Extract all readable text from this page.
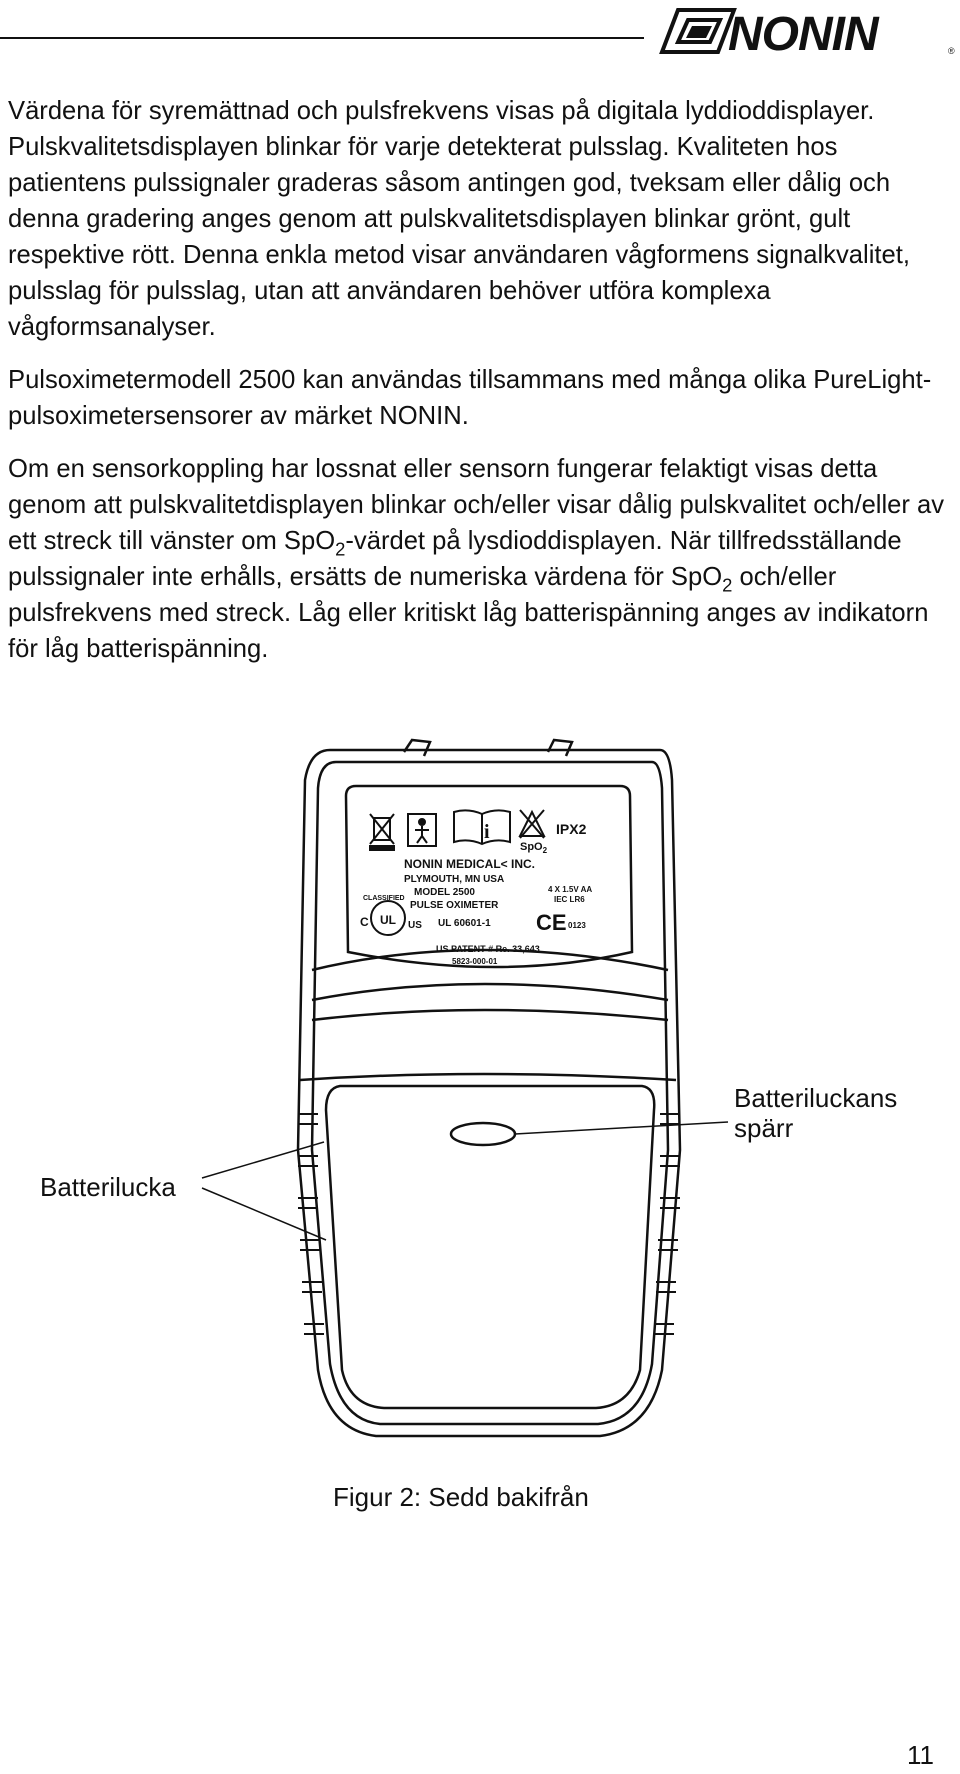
NONIN	®

Värdena för syremättnad och pulsfrekvens visas på digitala lyddioddisplayer. Pulskvalitetsdisplayen blinkar för varje detekterat pulsslag. Kvaliteten hos patientens pulssignaler graderas såsom antingen god, tveksam eller dålig och denna gradering anges genom att pulskvalitetsdisplayen blinkar grönt, gult respektive rött. Denna enkla metod visar användaren vågformens signalkvalitet, pulsslag för pulsslag, utan att användaren behöver utföra komplexa vågformsanalyser.

Pulsoximetermodell 2500 kan användas tillsammans med många olika PureLight-pulsoximetersensorer av märket NONIN.

Om en sensorkoppling har lossnat eller sensorn fungerar felaktigt visas detta genom att pulskvalitetdisplayen blinkar och/eller visar dålig pulskvalitet och/eller av ett streck till vänster om SpO$_2$-värdet på lysdioddisplayen. När tillfredsställande pulssignaler inte erhålls, ersätts de numeriska värdena för SpO$_2$ och/eller pulsfrekvens med streck. Låg eller kritiskt låg batterispänning anges av indikatorn för låg batterispänning.

i	IPX2
SpO$_2$
NONIN MEDICAL< INC.
PLYMOUTH, MN USA
MODEL 2500
PULSE OXIMETER
4 X 1.5V AA
IEC LR6
CLASSIFIED
C UL US UL 60601-1 CE 0123
US PATENT # Re. 33,643
5823-000-01
Batteriluckans
spärr
Batterilucka
Figur 2: Sedd bakifrån
11
